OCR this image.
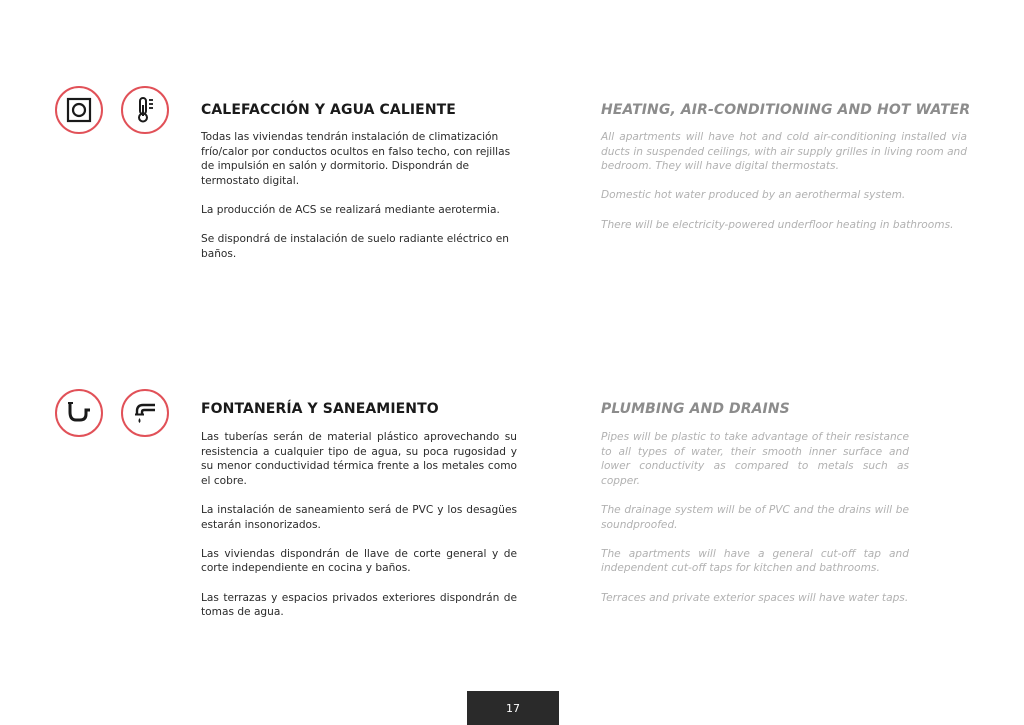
CALEFACCIÓN Y AGUA CALIENTE	HEATING, AIR-CONDITIONING AND HOT WATER

Todas las viviendas tendrán instalación de climatización frío/calor por conductos ocultos en falso techo, con rejillas de impulsión en salón y dormitorio. Dispondrán de termostato digital.

La producción de ACS se realizará mediante aerotermia.

Se dispondrá de instalación de suelo radiante eléctrico en baños.

All apartments will have hot and cold air-conditioning installed via ducts in suspended ceilings, with air supply grilles in living room and bedroom. They will have digital thermostats.

Domestic hot water produced by an aerothermal system.

There will be electricity-powered underfloor heating in bathrooms.

FONTANERÍA Y SANEAMIENTO	PLUMBING AND DRAINS

Las tuberías serán de material plástico aprovechando su resistencia a cualquier tipo de agua, su poca rugosidad y su menor conductividad térmica frente a los metales como el cobre.

La instalación de saneamiento será de PVC y los desagües estarán insonorizados.

Las viviendas dispondrán de llave de corte general y de corte independiente en cocina y baños.

Las terrazas y espacios privados exteriores dispondrán de tomas de agua.

Pipes will be plastic to take advantage of their resistance to all types of water, their smooth inner surface and lower conductivity as compared to metals such as copper.

The drainage system will be of PVC and the drains will be soundproofed.

The apartments will have a general cut-off tap and independent cut-off taps for kitchen and bathrooms.

Terraces and private exterior spaces will have water taps.

17
